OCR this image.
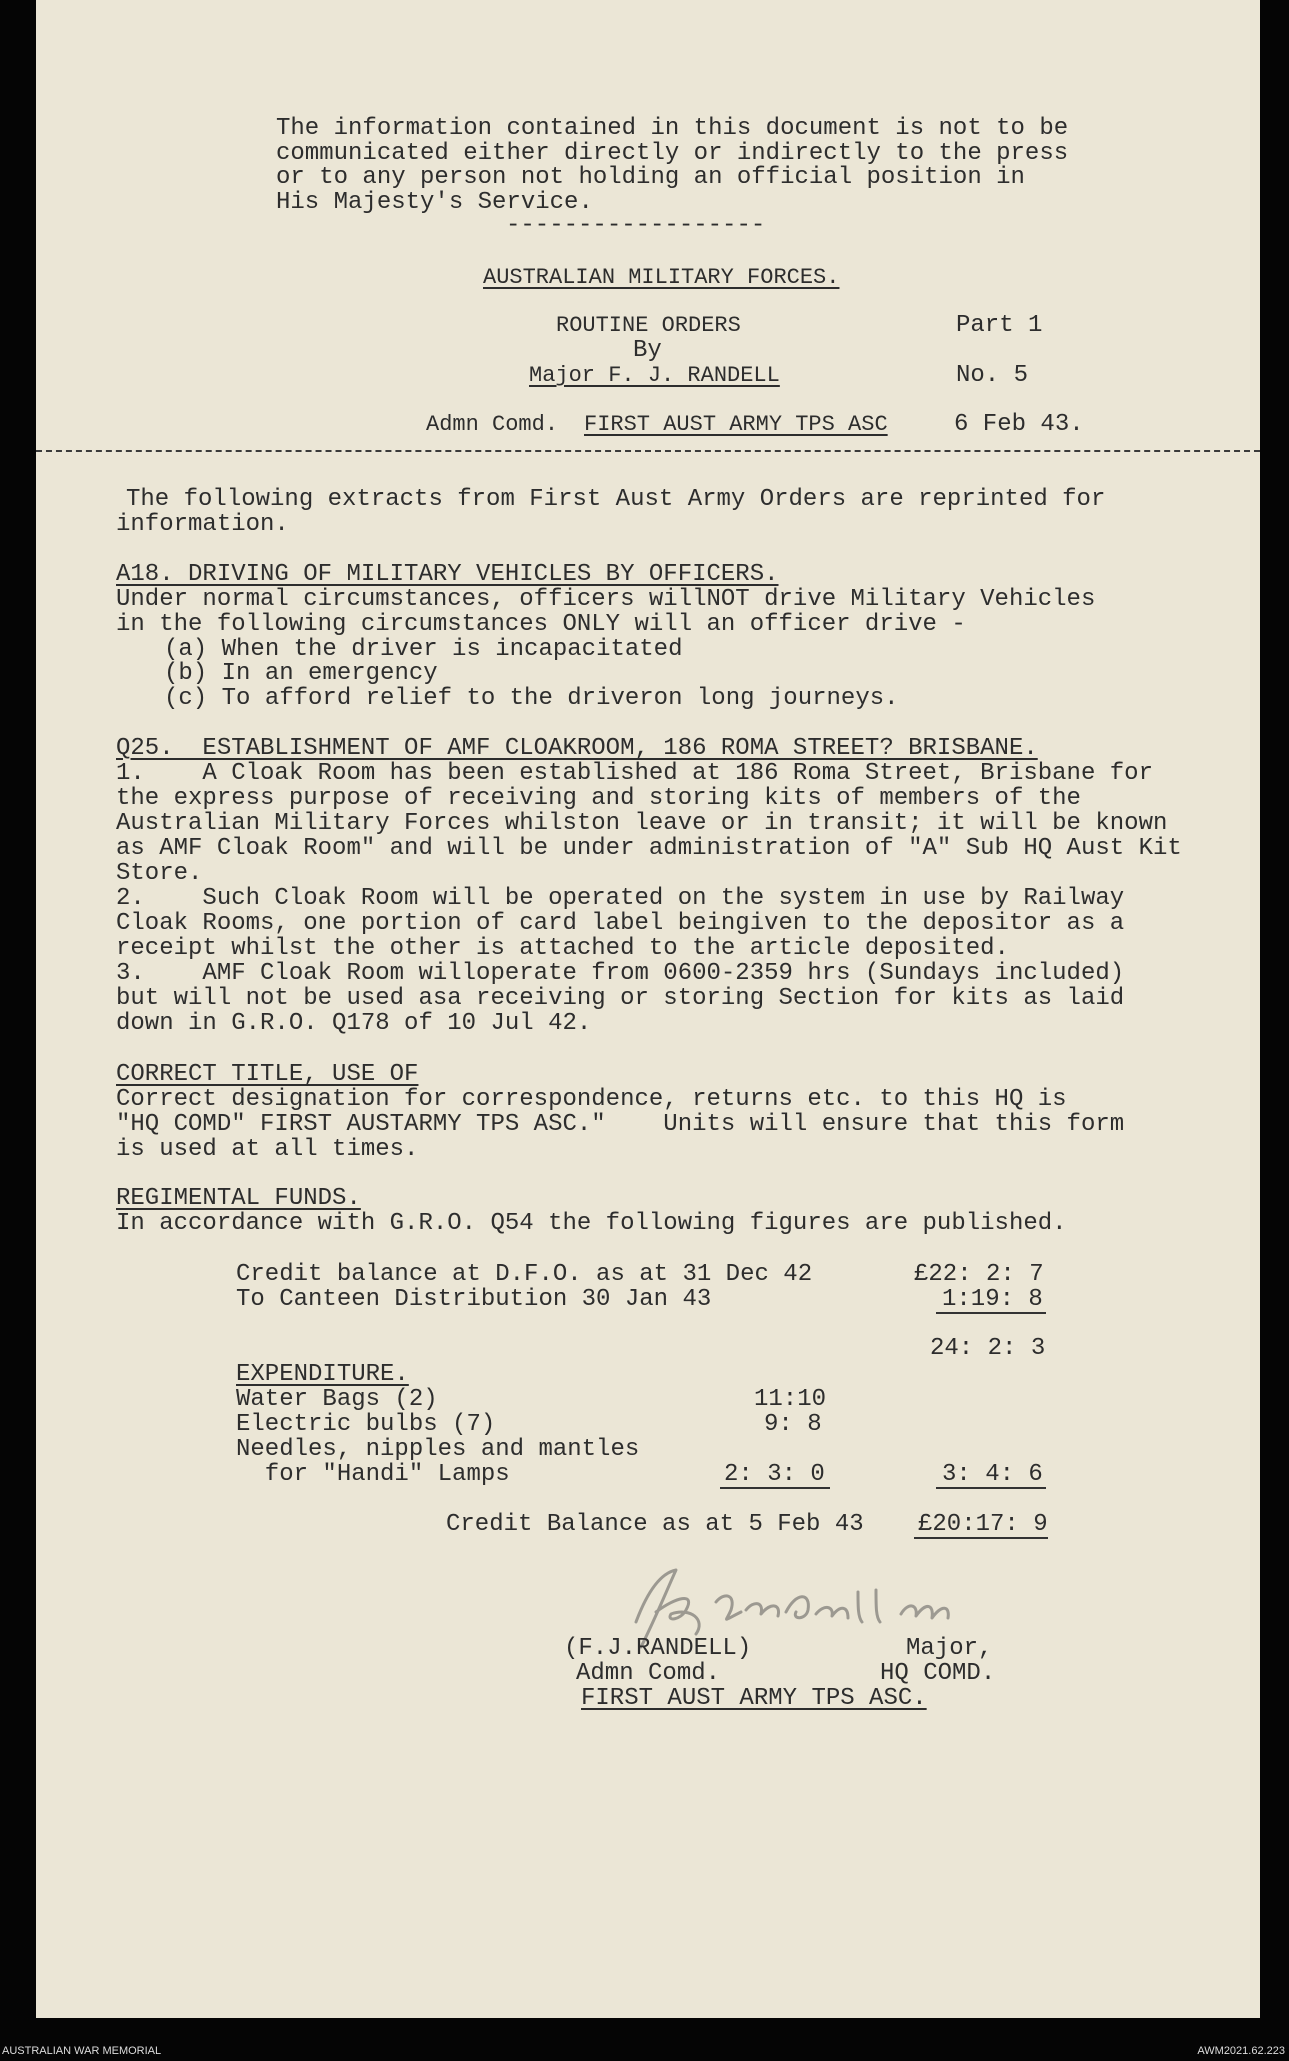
The information contained in this document is not to be
communicated either directly or indirectly to the press
or to any person not holding an official position in
His Majesty's Service.
------------------
AUSTRALIAN MILITARY FORCES.
ROUTINE ORDERS	Part 1
By
Major F. J. RANDELL	No. 5
Admn Comd. FIRST AUST ARMY TPS ASC	6 Feb 43.
The following extracts from First Aust Army Orders are reprinted for
information.
A18. DRIVING OF MILITARY VEHICLES BY OFFICERS.
Under normal circumstances, officers willNOT drive Military Vehicles
in the following circumstances ONLY will an officer drive -
(a) When the driver is incapacitated
(b) In an emergency
(c) To afford relief to the driveron long journeys.
Q25.  ESTABLISHMENT OF AMF CLOAKROOM, 186 ROMA STREET? BRISBANE.
1.    A Cloak Room has been established at 186 Roma Street, Brisbane for
the express purpose of receiving and storing kits of members of the
Australian Military Forces whilston leave or in transit; it will be known
as AMF Cloak Room" and will be under administration of "A" Sub HQ Aust Kit
Store.
2.    Such Cloak Room will be operated on the system in use by Railway
Cloak Rooms, one portion of card label beingiven to the depositor as a
receipt whilst the other is attached to the article deposited.
3.    AMF Cloak Room willoperate from 0600-2359 hrs (Sundays included)
but will not be used asa receiving or storing Section for kits as laid
down in G.R.O. Q178 of 10 Jul 42.
CORRECT TITLE, USE OF
Correct designation for correspondence, returns etc. to this HQ is
"HQ COMD" FIRST AUSTARMY TPS ASC."    Units will ensure that this form
is used at all times.
REGIMENTAL FUNDS.
In accordance with G.R.O. Q54 the following figures are published.
Credit balance at D.F.O. as at 31 Dec 42	£22: 2: 7
To Canteen Distribution 30 Jan 43	1:19: 8
24: 2: 3
EXPENDITURE.
Water Bags (2)	11:10
Electric bulbs (7)	9: 8
Needles, nipples and mantles
for "Handi" Lamps	2: 3: 0	3: 4: 6
Credit Balance as at 5 Feb 43 £20:17: 9
(F.J.RANDELL)	Major,
Admn Comd.	HQ COMD.
FIRST AUST ARMY TPS ASC.
AUSTRALIAN WAR MEMORIAL	AWM2021.62.223
